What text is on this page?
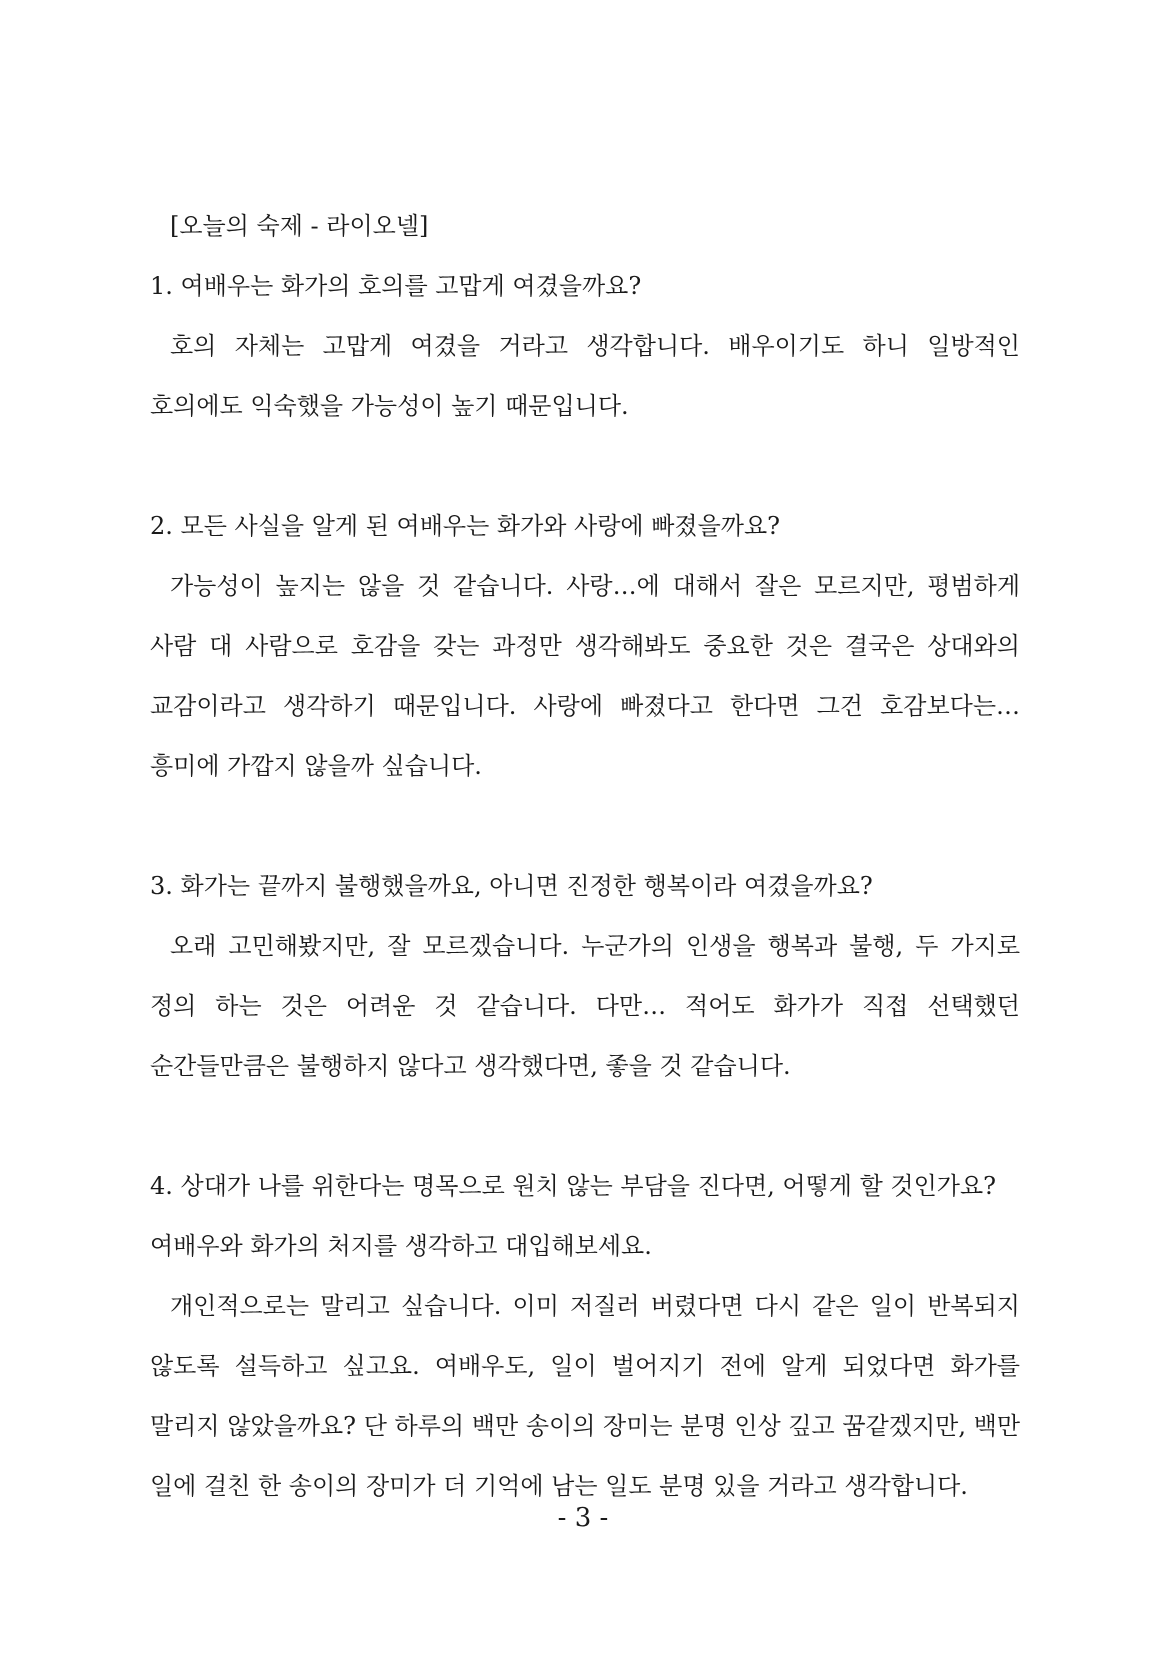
[오늘의 숙제 - 라이오넬]
1. 여배우는 화가의 호의를 고맙게 여겼을까요?
호의 자체는 고맙게 여겼을 거라고 생각합니다. 배우이기도 하니 일방적인 호의에도 익숙했을 가능성이 높기 때문입니다.
2. 모든 사실을 알게 된 여배우는 화가와 사랑에 빠졌을까요?
가능성이 높지는 않을 것 같습니다. 사랑…에 대해서 잘은 모르지만, 평범하게 사람 대 사람으로 호감을 갖는 과정만 생각해봐도 중요한 것은 결국은 상대와의 교감이라고 생각하기 때문입니다. 사랑에 빠졌다고 한다면 그건 호감보다는… 흥미에 가깝지 않을까 싶습니다.
3. 화가는 끝까지 불행했을까요, 아니면 진정한 행복이라 여겼을까요?
오래 고민해봤지만, 잘 모르겠습니다. 누군가의 인생을 행복과 불행, 두 가지로 정의 하는 것은 어려운 것 같습니다. 다만… 적어도 화가가 직접 선택했던 순간들만큼은 불행하지 않다고 생각했다면, 좋을 것 같습니다.
4. 상대가 나를 위한다는 명목으로 원치 않는 부담을 진다면, 어떻게 할 것인가요?
여배우와 화가의 처지를 생각하고 대입해보세요.
개인적으로는 말리고 싶습니다. 이미 저질러 버렸다면 다시 같은 일이 반복되지 않도록 설득하고 싶고요. 여배우도, 일이 벌어지기 전에 알게 되었다면 화가를 말리지 않았을까요? 단 하루의 백만 송이의 장미는 분명 인상 깊고 꿈같겠지만, 백만 일에 걸친 한 송이의 장미가 더 기억에 남는 일도 분명 있을 거라고 생각합니다.
- 3 -
